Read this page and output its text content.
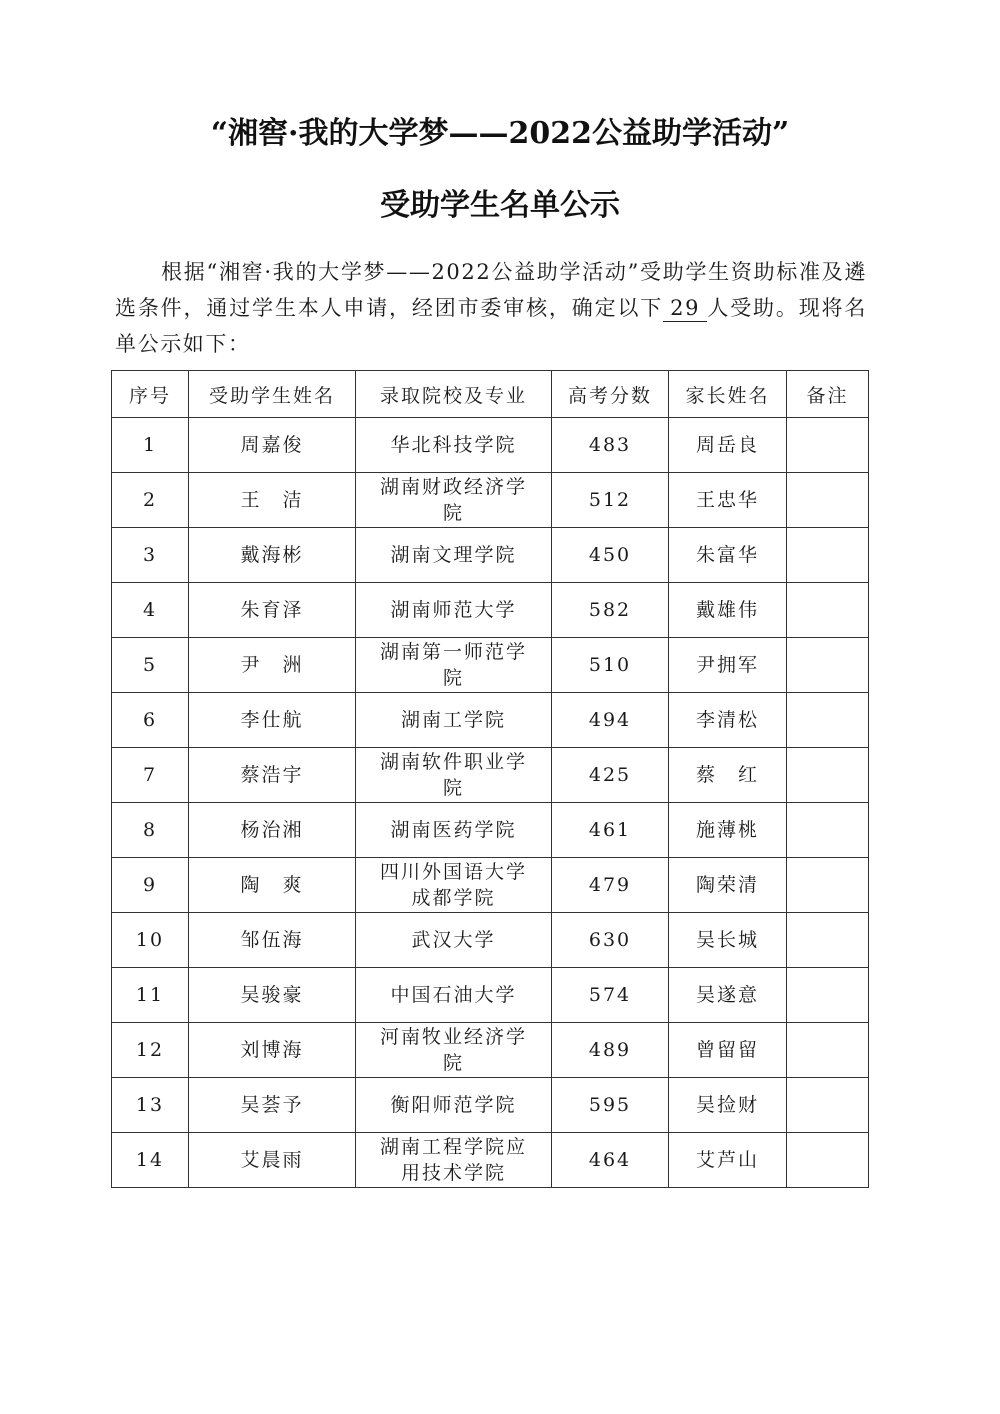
“湘窖·我的大学梦——2022公益助学活动”
受助学生名单公示

根据“湘窖·我的大学梦——2022公益助学活动”受助学生资助标准及遴选条件，通过学生本人申请，经团市委审核，确定以下 29 人受助。现将名单公示如下：

序号	受助学生姓名	录取院校及专业	高考分数	家长姓名	备注
1	周嘉俊	华北科技学院	483	周岳良	
2	王　洁	湖南财政经济学院	512	王忠华	
3	戴海彬	湖南文理学院	450	朱富华	
4	朱育泽	湖南师范大学	582	戴雄伟	
5	尹　洲	湖南第一师范学院	510	尹拥军	
6	李仕航	湖南工学院	494	李清松	
7	蔡浩宇	湖南软件职业学院	425	蔡　红	
8	杨治湘	湖南医药学院	461	施薄桃	
9	陶　爽	四川外国语大学成都学院	479	陶荣清	
10	邹伍海	武汉大学	630	吴长城	
11	吴骏豪	中国石油大学	574	吴遂意	
12	刘博海	河南牧业经济学院	489	曾留留	
13	吴荟予	衡阳师范学院	595	吴捡财	
14	艾晨雨	湖南工程学院应用技术学院	464	艾芦山	
